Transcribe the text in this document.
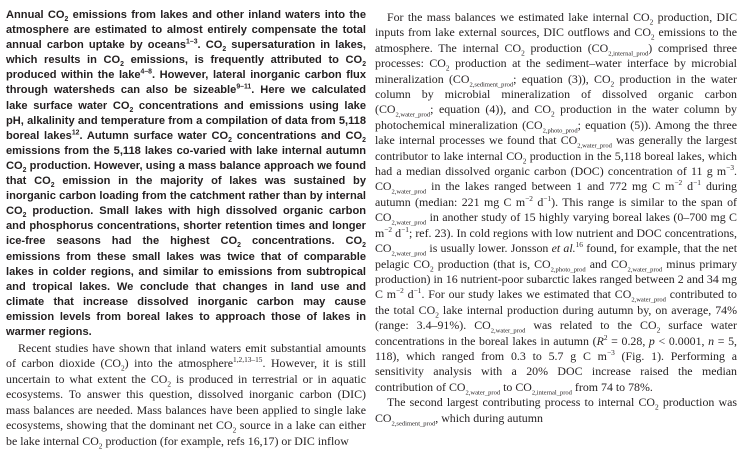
Annual $CO_2$ emissions from lakes and other inland waters into the atmosphere are estimated to almost entirely compensate the total annual carbon uptake by oceans$^{1-3}$. $CO_2$ supersaturation in lakes, which results in $CO_2$ emissions, is frequently attributed to $CO_2$ produced within the lake$^{4-8}$. However, lateral inorganic carbon flux through watersheds can also be sizeable$^{9-11}$. Here we calculated lake surface water $CO_2$ concentrations and emissions using lake pH, alkalinity and temperature from a compilation of data from 5,118 boreal lakes$^{12}$. Autumn surface water $CO_2$ concentrations and $CO_2$ emissions from the 5,118 lakes co-varied with lake internal autumn $CO_2$ production. However, using a mass balance approach we found that $CO_2$ emission in the majority of lakes was sustained by inorganic carbon loading from the catchment rather than by internal $CO_2$ production. Small lakes with high dissolved organic carbon and phosphorus concentrations, shorter retention times and longer ice-free seasons had the highest $CO_2$ concentrations. $CO_2$ emissions from these small lakes was twice that of comparable lakes in colder regions, and similar to emissions from subtropical and tropical lakes. We conclude that changes in land use and climate that increase dissolved inorganic carbon may cause emission levels from boreal lakes to approach those of lakes in warmer regions.

Recent studies have shown that inland waters emit substantial amounts of carbon dioxide $(CO_2)$ into the atmosphere$^{1,2,13-15}$. However, it is still uncertain to what extent the $CO_2$ is produced in terrestrial or in aquatic ecosystems. To answer this question, dissolved inorganic carbon (DIC) mass balances are needed. Mass balances have been applied to single lake ecosystems, showing that the dominant net $CO_2$ source in a lake can either be lake internal $CO_2$ production (for example, refs 16,17) or DIC inflow

For the mass balances we estimated lake internal $CO_2$ production, DIC inputs from lake external sources, DIC outflows and $CO_2$ emissions to the atmosphere. The internal $CO_2$ production $(CO_{2,internal\_prod})$ comprised three processes: $CO_2$ production at the sediment–water interface by microbial mineralization ($CO_{2,sediment\_prod}$; equation (3)), $CO_2$ production in the water column by microbial mineralization of dissolved organic carbon ($CO_{2,water\_prod}$; equation (4)), and $CO_2$ production in the water column by photochemical mineralization ($CO_{2,photo\_prod}$; equation (5)). Among the three lake internal processes we found that $CO_{2,water\_prod}$ was generally the largest contributor to lake internal $CO_2$ production in the 5,118 boreal lakes, which had a median dissolved organic carbon (DOC) concentration of 11 g $m^{-3}$. $CO_{2,water\_prod}$ in the lakes ranged between 1 and 772 mg C $m^{-2}$ $d^{-1}$ during autumn (median: 221 mg C $m^{-2}$ $d^{-1}$). This range is similar to the span of $CO_{2,water\_prod}$ in another study of 15 highly varying boreal lakes (0–700 mg C $m^{-2}$ $d^{-1}$; ref. 23). In cold regions with low nutrient and DOC concentrations, $CO_{2,water\_prod}$ is usually lower. Jonsson et al.$^{16}$ found, for example, that the net pelagic $CO_2$ production (that is, $CO_{2,photo\_prod}$ and $CO_{2,water\_prod}$ minus primary production) in 16 nutrient-poor subarctic lakes ranged between 2 and 34 mg C $m^{-2}$ $d^{-1}$. For our study lakes we estimated that $CO_{2,water\_prod}$ contributed to the total $CO_2$ lake internal production during autumn by, on average, 74% (range: 3.4–91%). $CO_{2,water\_prod}$ was related to the $CO_2$ surface water concentrations in the boreal lakes in autumn ($R^2 = 0.28$, p < 0.0001, n = 5, 118), which ranged from 0.3 to 5.7 g C $m^{-3}$ (Fig. 1). Performing a sensitivity analysis with a 20% DOC increase raised the median contribution of $CO_{2,water\_prod}$ to $CO_{2,internal\_prod}$ from 74 to 78%.

The second largest contributing process to internal $CO_2$ production was $CO_{2,sediment\_prod}$, which during autumn
